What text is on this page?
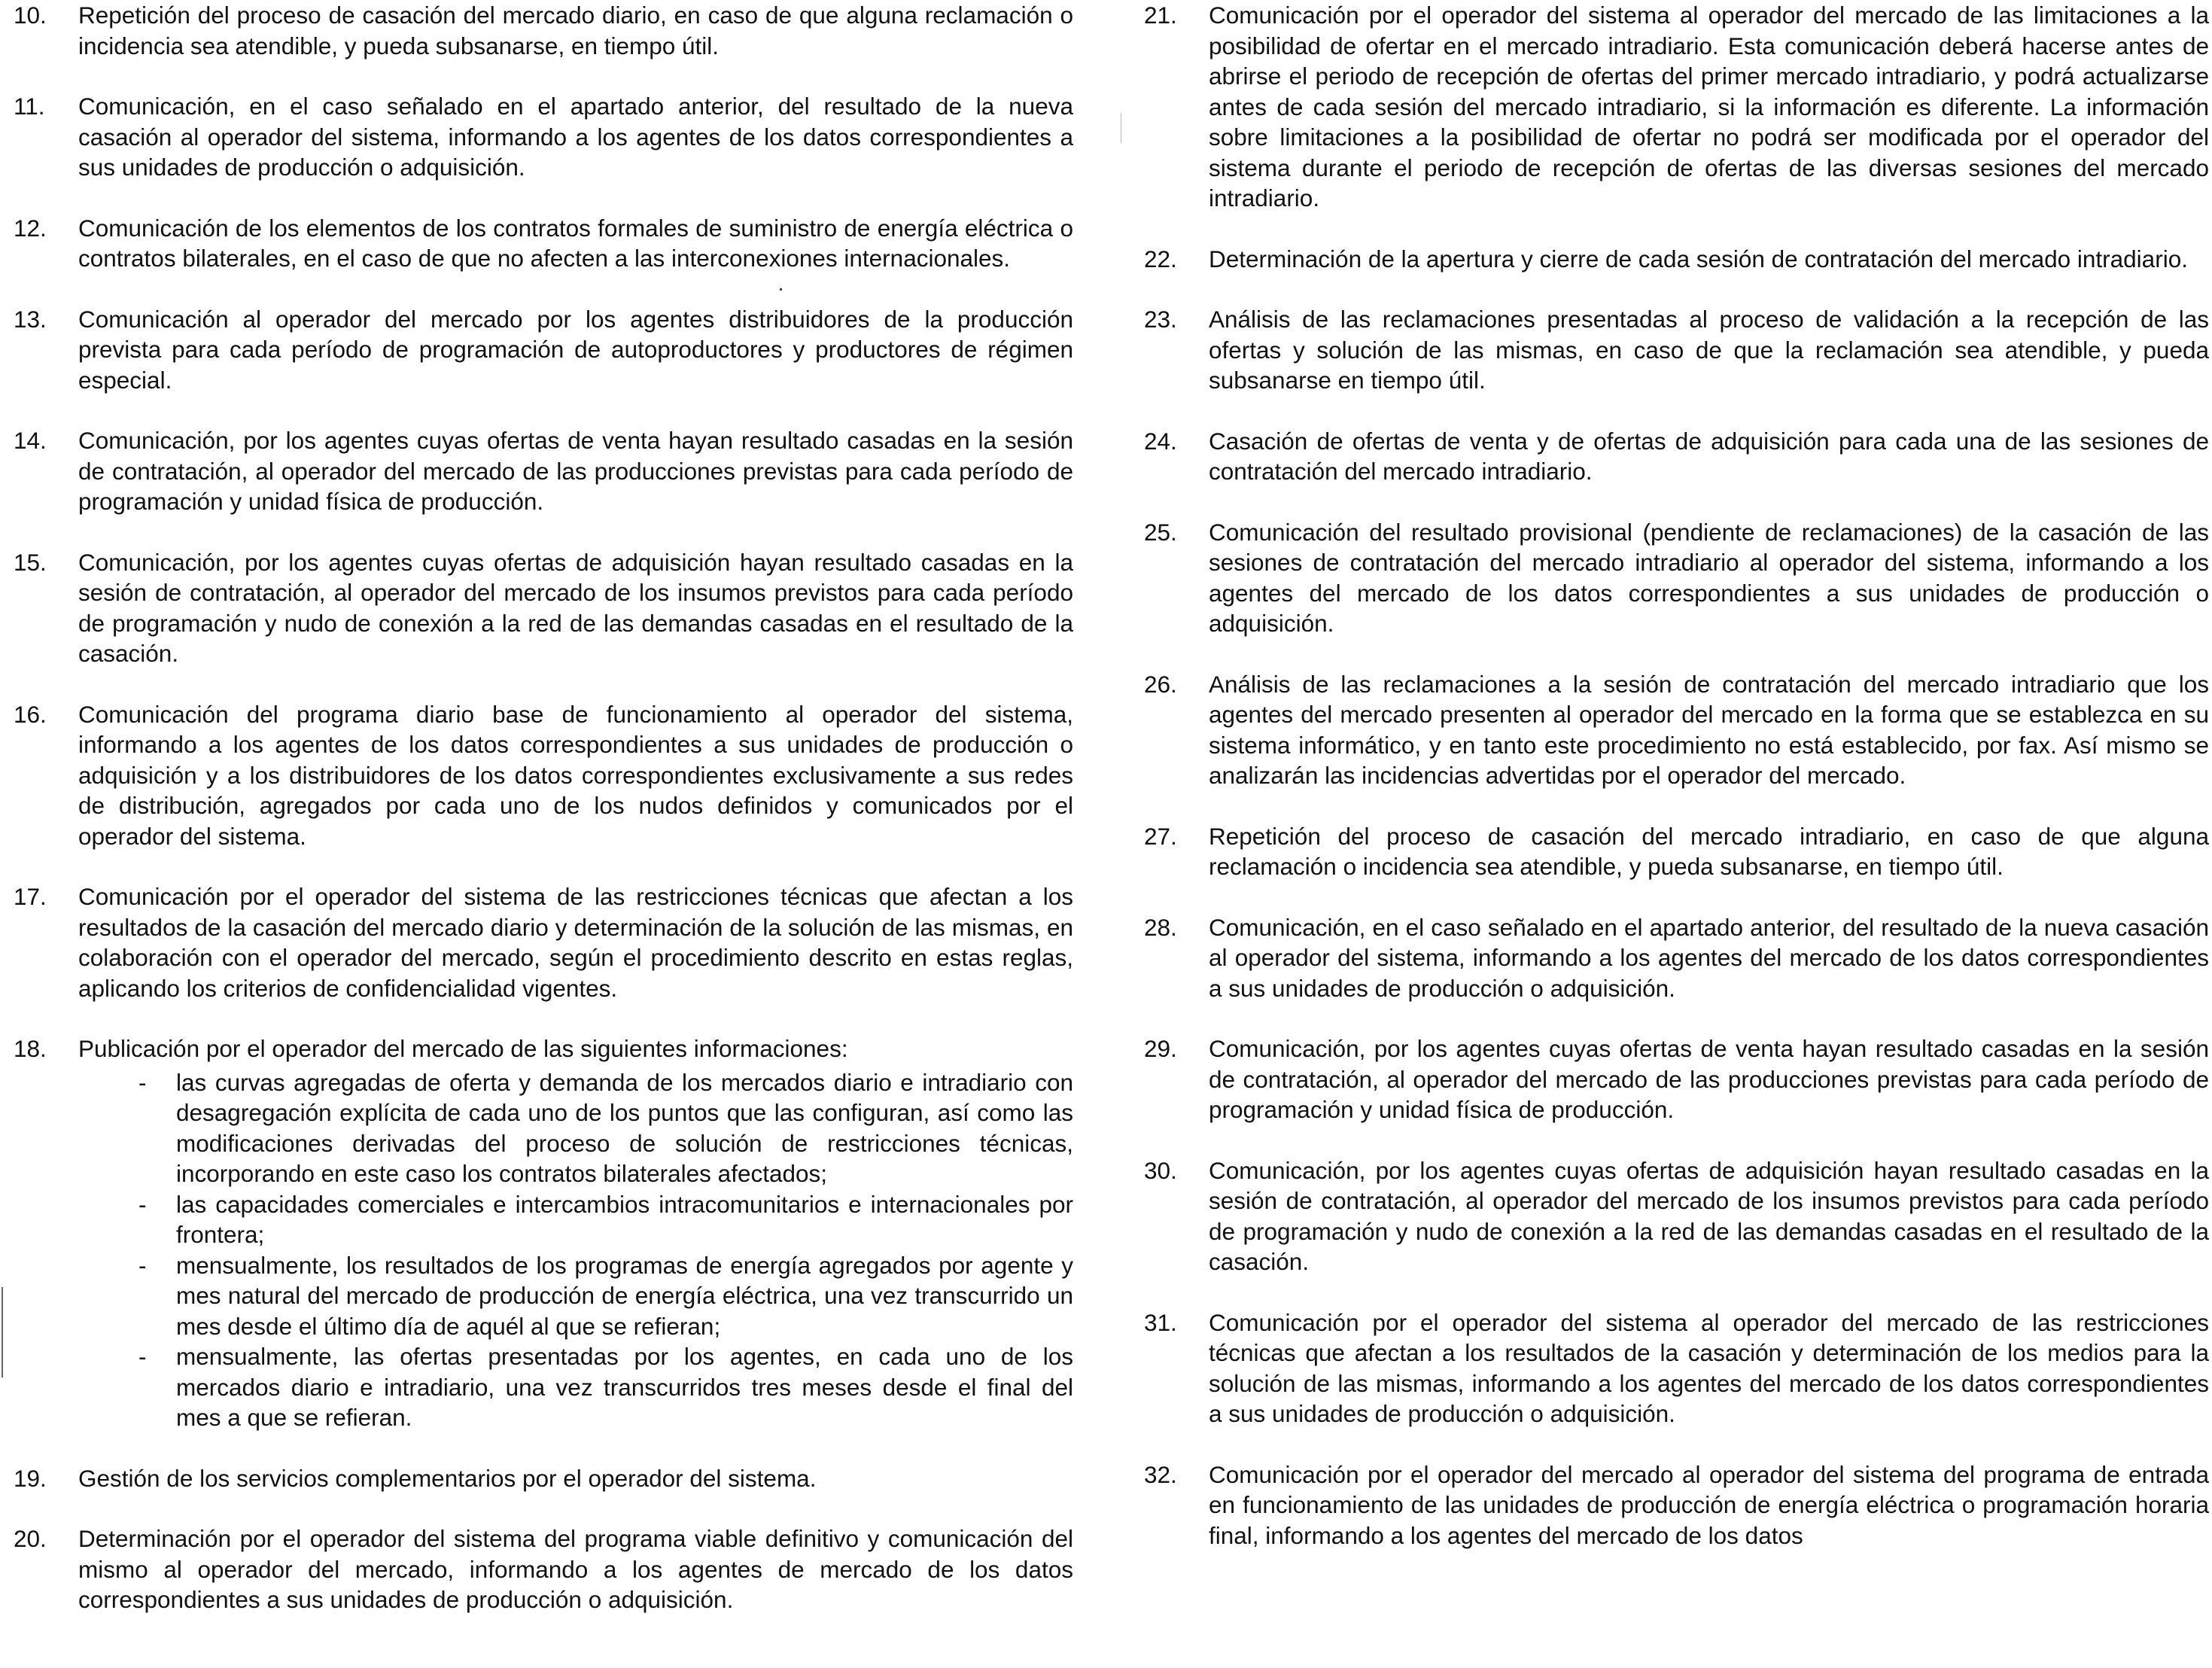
10. Repetición del proceso de casación del mercado diario, en caso de que alguna reclamación o incidencia sea atendible, y pueda subsanarse, en tiempo útil.
11. Comunicación, en el caso señalado en el apartado anterior, del resultado de la nueva casación al operador del sistema, informando a los agentes de los datos correspondientes a sus unidades de producción o adquisición.
12. Comunicación de los elementos de los contratos formales de suministro de energía eléctrica o contratos bilaterales, en el caso de que no afecten a las interconexiones internacionales.
13. Comunicación al operador del mercado por los agentes distribuidores de la producción prevista para cada período de programación de autoproductores y productores de régimen especial.
14. Comunicación, por los agentes cuyas ofertas de venta hayan resultado casadas en la sesión de contratación, al operador del mercado de las producciones previstas para cada período de programación y unidad física de producción.
15. Comunicación, por los agentes cuyas ofertas de adquisición hayan resultado casadas en la sesión de contratación, al operador del mercado de los insumos previstos para cada período de programación y nudo de conexión a la red de las demandas casadas en el resultado de la casación.
16. Comunicación del programa diario base de funcionamiento al operador del sistema, informando a los agentes de los datos correspondientes a sus unidades de producción o adquisición y a los distribuidores de los datos correspondientes exclusivamente a sus redes de distribución, agregados por cada uno de los nudos definidos y comunicados por el operador del sistema.
17. Comunicación por el operador del sistema de las restricciones técnicas que afectan a los resultados de la casación del mercado diario y determinación de la solución de las mismas, en colaboración con el operador del mercado, según el procedimiento descrito en estas reglas, aplicando los criterios de confidencialidad vigentes.
18. Publicación por el operador del mercado de las siguientes informaciones:
- las curvas agregadas de oferta y demanda de los mercados diario e intradiario con desagregación explícita de cada uno de los puntos que las configuran, así como las modificaciones derivadas del proceso de solución de restricciones técnicas, incorporando en este caso los contratos bilaterales afectados;
- las capacidades comerciales e intercambios intracomunitarios e internacionales por frontera;
- mensualmente, los resultados de los programas de energía agregados por agente y mes natural del mercado de producción de energía eléctrica, una vez transcurrido un mes desde el último día de aquél al que se refieran;
- mensualmente, las ofertas presentadas por los agentes, en cada uno de los mercados diario e intradiario, una vez transcurridos tres meses desde el final del mes a que se refieran.
19. Gestión de los servicios complementarios por el operador del sistema.
20. Determinación por el operador del sistema del programa viable definitivo y comunicación del mismo al operador del mercado, informando a los agentes de mercado de los datos correspondientes a sus unidades de producción o adquisición.
21. Comunicación por el operador del sistema al operador del mercado de las limitaciones a la posibilidad de ofertar en el mercado intradiario. Esta comunicación deberá hacerse antes de abrirse el periodo de recepción de ofertas del primer mercado intradiario, y podrá actualizarse antes de cada sesión del mercado intradiario, si la información es diferente. La información sobre limitaciones a la posibilidad de ofertar no podrá ser modificada por el operador del sistema durante el periodo de recepción de ofertas de las diversas sesiones del mercado intradiario.
22. Determinación de la apertura y cierre de cada sesión de contratación del mercado intradiario.
23. Análisis de las reclamaciones presentadas al proceso de validación a la recepción de las ofertas y solución de las mismas, en caso de que la reclamación sea atendible, y pueda subsanarse en tiempo útil.
24. Casación de ofertas de venta y de ofertas de adquisición para cada una de las sesiones de contratación del mercado intradiario.
25. Comunicación del resultado provisional (pendiente de reclamaciones) de la casación de las sesiones de contratación del mercado intradiario al operador del sistema, informando a los agentes del mercado de los datos correspondientes a sus unidades de producción o adquisición.
26. Análisis de las reclamaciones a la sesión de contratación del mercado intradiario que los agentes del mercado presenten al operador del mercado en la forma que se establezca en su sistema informático, y en tanto este procedimiento no está establecido, por fax. Así mismo se analizarán las incidencias advertidas por el operador del mercado.
27. Repetición del proceso de casación del mercado intradiario, en caso de que alguna reclamación o incidencia sea atendible, y pueda subsanarse, en tiempo útil.
28. Comunicación, en el caso señalado en el apartado anterior, del resultado de la nueva casación al operador del sistema, informando a los agentes del mercado de los datos correspondientes a sus unidades de producción o adquisición.
29. Comunicación, por los agentes cuyas ofertas de venta hayan resultado casadas en la sesión de contratación, al operador del mercado de las producciones previstas para cada período de programación y unidad física de producción.
30. Comunicación, por los agentes cuyas ofertas de adquisición hayan resultado casadas en la sesión de contratación, al operador del mercado de los insumos previstos para cada período de programación y nudo de conexión a la red de las demandas casadas en el resultado de la casación.
31. Comunicación por el operador del sistema al operador del mercado de las restricciones técnicas que afectan a los resultados de la casación y determinación de los medios para la solución de las mismas, informando a los agentes del mercado de los datos correspondientes a sus unidades de producción o adquisición.
32. Comunicación por el operador del mercado al operador del sistema del programa de entrada en funcionamiento de las unidades de producción de energía eléctrica o programación horaria final, informando a los agentes del mercado de los datos
